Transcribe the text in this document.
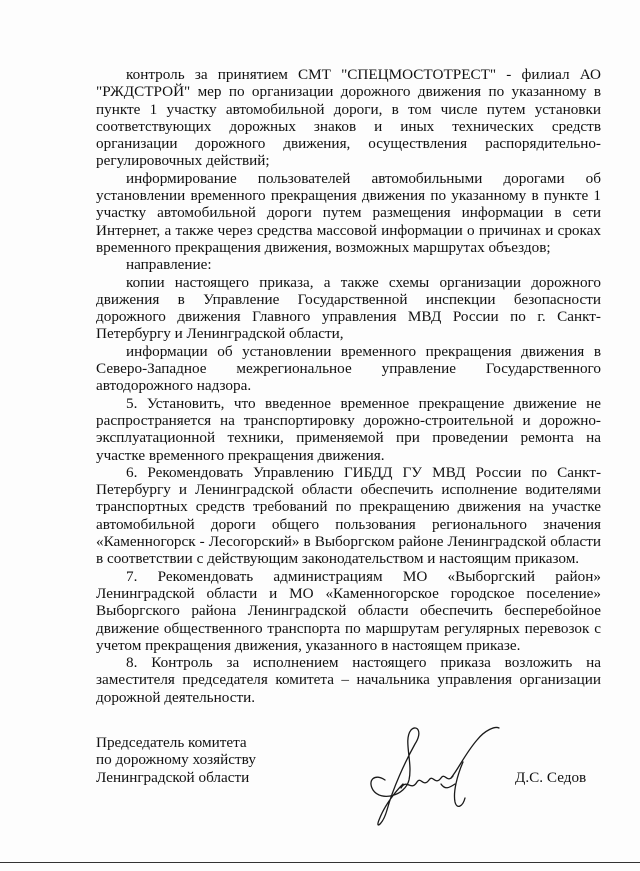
контроль за принятием СМТ "СПЕЦМОСТОТРЕСТ" - филиал АО "РЖДСТРОЙ" мер по организации дорожного движения по указанному в пункте 1 участку автомобильной дороги, в том числе путем установки соответствующих дорожных знаков и иных технических средств организации дорожного движения, осуществления распорядительно-регулировочных действий;

информирование пользователей автомобильными дорогами об установлении временного прекращения движения по указанному в пункте 1 участку автомобильной дороги путем размещения информации в сети Интернет, а также через средства массовой информации о причинах и сроках временного прекращения движения, возможных маршрутах объездов;

направление:

копии настоящего приказа, а также схемы организации дорожного движения в Управление Государственной инспекции безопасности дорожного движения Главного управления МВД России по г. Санкт-Петербургу и Ленинградской области,

информации об установлении временного прекращения движения в Северо-Западное межрегиональное управление Государственного автодорожного надзора.

5. Установить, что введенное временное прекращение движение не распространяется на транспортировку дорожно-строительной и дорожно-эксплуатационной техники, применяемой при проведении ремонта на участке временного прекращения движения.

6. Рекомендовать Управлению ГИБДД ГУ МВД России по Санкт-Петербургу и Ленинградской области обеспечить исполнение водителями транспортных средств требований по прекращению движения на участке автомобильной дороги общего пользования регионального значения «Каменногорск - Лесогорский» в Выборгском районе Ленинградской области в соответствии с действующим законодательством и настоящим приказом.

7. Рекомендовать администрациям МО «Выборгский район» Ленинградской области и МО «Каменногорское городское поселение» Выборгского района Ленинградской области обеспечить бесперебойное движение общественного транспорта по маршрутам регулярных перевозок с учетом прекращения движения, указанного в настоящем приказе.

8. Контроль за исполнением настоящего приказа возложить на заместителя председателя комитета – начальника управления организации дорожной деятельности.

Председатель комитета
по дорожному хозяйству
Ленинградской области	Д.С. Седов
